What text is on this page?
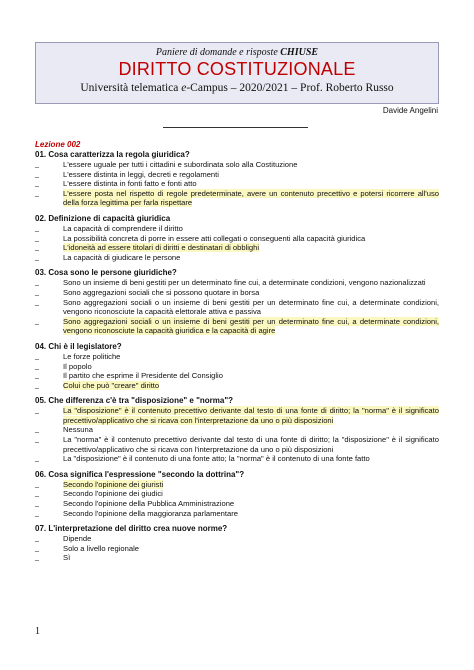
Paniere di domande e risposte CHIUSE
DIRITTO COSTITUZIONALE
Università telematica e-Campus – 2020/2021 – Prof. Roberto Russo
Davide Angelini
Lezione 002
01. Cosa caratterizza la regola giuridica?
_	L'essere uguale per tutti i cittadini e subordinata solo alla Costituzione
_	L'essere distinta in leggi, decreti e regolamenti
_	L'essere distinta in fonti fatto e fonti atto
_	L'essere posta nel rispetto di regole predeterminate, avere un contenuto precettivo e potersi ricorrere all'uso della forza legittima per farla rispettare
02. Definizione di capacità giuridica
_	La capacità di comprendere il diritto
_	La possibilità concreta di porre in essere atti collegati o conseguenti alla capacità giuridica
_	L'idoneità ad essere titolari di diritti e destinatari di obblighi
_	La capacità di giudicare le persone
03. Cosa sono le persone giuridiche?
_	Sono un insieme di beni gestiti per un determinato fine cui, a determinate condizioni, vengono nazionalizzati
_	Sono aggregazioni sociali che si possono quotare in borsa
_	Sono aggregazioni sociali o un insieme di beni gestiti per un determinato fine cui, a determinate condizioni, vengono riconosciute la capacità elettorale attiva e passiva
_	Sono aggregazioni sociali o un insieme di beni gestiti per un determinato fine cui, a determinate condizioni, vengono riconosciute la capacità giuridica e la capacità di agire
04. Chi è il legislatore?
_	Le forze politiche
_	Il popolo
_	Il partito che esprime il Presidente del Consiglio
_	Colui che può "creare" diritto
05. Che differenza c'è tra "disposizione" e "norma"?
_	La "disposizione" è il contenuto precettivo derivante dal testo di una fonte di diritto; la "norma" è il significato precettivo/applicativo che si ricava con l'interpretazione da uno o più disposizioni
_	Nessuna
_	La "norma" è il contenuto precettivo derivante dal testo di una fonte di diritto; la "disposizione" è il significato precettivo/applicativo che si ricava con l'interpretazione da uno o più disposizioni
_	La "disposizione" è il contenuto di una fonte atto; la "norma" è il contenuto di una fonte fatto
06. Cosa significa l'espressione "secondo la dottrina"?
_	Secondo l'opinione dei giuristi
_	Secondo l'opinione dei giudici
_	Secondo l'opinione della Pubblica Amministrazione
_	Secondo l'opinione della maggioranza parlamentare
07. L'interpretazione del diritto crea nuove norme?
_	Dipende
_	Solo a livello regionale
_	Sì
1
